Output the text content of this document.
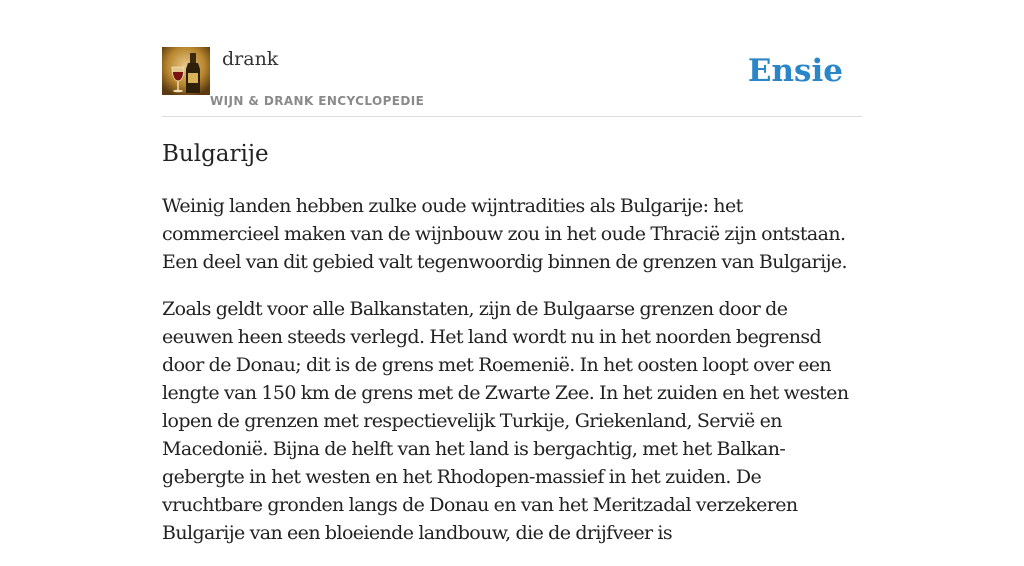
drank
WIJN & DRANK ENCYCLOPEDIE
Ensie
Bulgarije

Weinig landen hebben zulke oude wijntradities als Bulgarije: het commercieel maken van de wijnbouw zou in het oude Thracië zijn ontstaan. Een deel van dit gebied valt tegenwoordig binnen de grenzen van Bulgarije.

Zoals geldt voor alle Balkanstaten, zijn de Bulgaarse grenzen door de eeuwen heen steeds verlegd. Het land wordt nu in het noorden begrensd door de Donau; dit is de grens met Roemenië. In het oosten loopt over een lengte van 150 km de grens met de Zwarte Zee. In het zuiden en het westen lopen de grenzen met respectievelijk Turkije, Griekenland, Servië en Macedonië. Bijna de helft van het land is bergachtig, met het Balkan-gebergte in het westen en het Rhodopen-massief in het zuiden. De vruchtbare gronden langs de Donau en van het Meritzadal verzekeren Bulgarije van een bloeiende landbouw, die de drijfveer is
